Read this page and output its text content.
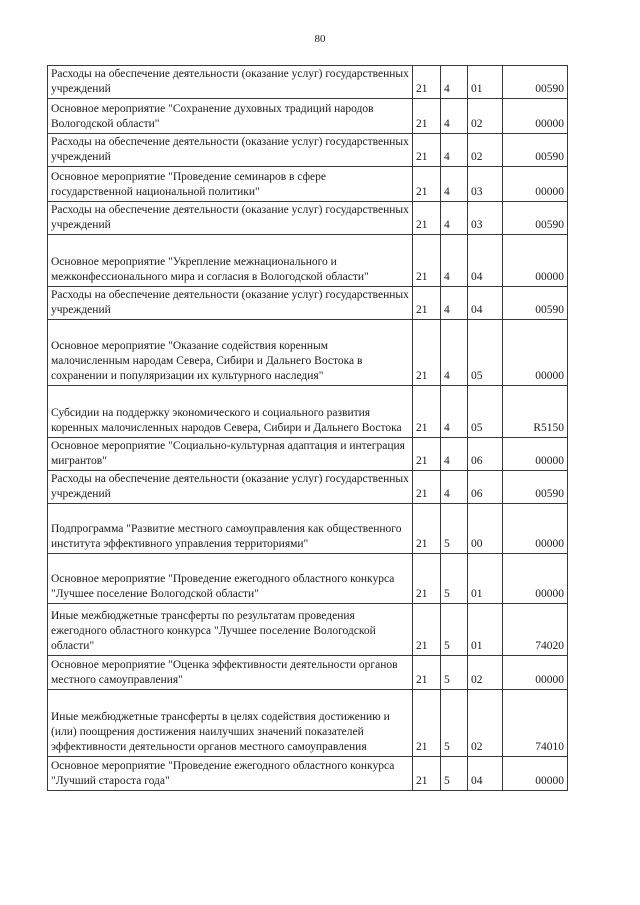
80
Расходы на обеспечение деятельности (оказание услуг) государственных учреждений	21	4	01	00590
Основное мероприятие "Сохранение духовных традиций народов Вологодской области"	21	4	02	00000
Расходы на обеспечение деятельности (оказание услуг) государственных учреждений	21	4	02	00590
Основное мероприятие "Проведение семинаров в сфере государственной национальной политики"	21	4	03	00000
Расходы на обеспечение деятельности (оказание услуг) государственных учреждений	21	4	03	00590
Основное мероприятие "Укрепление межнационального и межконфессионального мира и согласия в Вологодской области"	21	4	04	00000
Расходы на обеспечение деятельности (оказание услуг) государственных учреждений	21	4	04	00590
Основное мероприятие "Оказание содействия коренным малочисленным народам Севера, Сибири и Дальнего Востока в сохранении и популяризации их культурного наследия"	21	4	05	00000
Субсидии на поддержку экономического и социального развития коренных малочисленных народов Севера, Сибири и Дальнего Востока	21	4	05	R5150
Основное мероприятие "Социально-культурная адаптация и интеграция мигрантов"	21	4	06	00000
Расходы на обеспечение деятельности (оказание услуг) государственных учреждений	21	4	06	00590
Подпрограмма "Развитие местного самоуправления как общественного института эффективного управления территориями"	21	5	00	00000
Основное мероприятие "Проведение ежегодного областного конкурса "Лучшее поселение Вологодской области"	21	5	01	00000
Иные межбюджетные трансферты по результатам проведения ежегодного областного конкурса "Лучшее поселение Вологодской области"	21	5	01	74020
Основное мероприятие "Оценка эффективности деятельности органов местного самоуправления"	21	5	02	00000
Иные межбюджетные трансферты в целях содействия достижению и (или) поощрения достижения наилучших значений показателей эффективности деятельности органов местного самоуправления	21	5	02	74010
Основное мероприятие "Проведение ежегодного областного конкурса "Лучший староста года"	21	5	04	00000
